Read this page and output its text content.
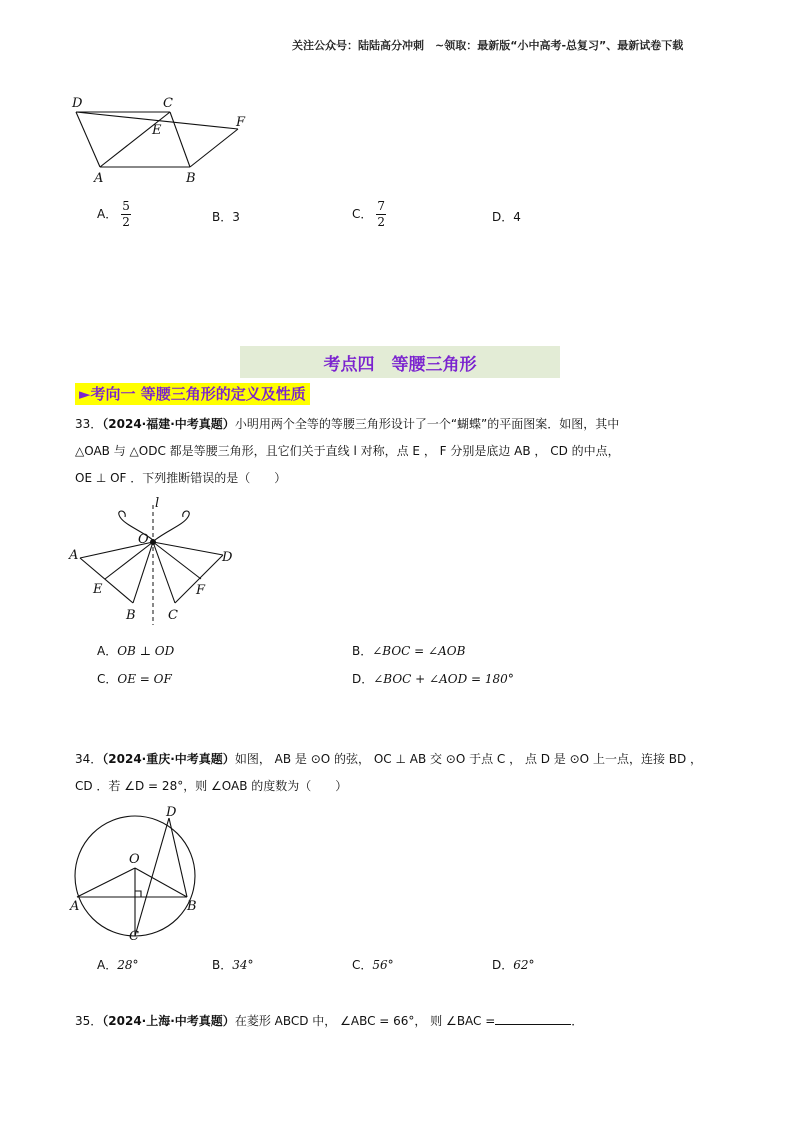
关注公众号：陆陆高分冲刺　~领取：最新版“小中高考-总复习”、最新试卷下载
D	C
E
F
A	B
A． $\frac{5}{2}$	B．3	C． $\frac{7}{2}$	D．4
考点四　等腰三角形
►考向一 等腰三角形的定义及性质
33．（2024·福建·中考真题）小明用两个全等的等腰三角形设计了一个“蝴蝶”的平面图案．如图，其中
△OAB 与 △ODC 都是等腰三角形，且它们关于直线 l 对称，点 E ， F 分别是底边 AB ， CD 的中点，
OE ⊥ OF ．下列推断错误的是（　　）
l
O
A	D
E	F
B C
A．OB ⊥ OD	B．∠BOC = ∠AOB
C．OE = OF	D．∠BOC + ∠AOD = 180°
34．（2024·重庆·中考真题）如图， AB 是 ⊙O 的弦， OC ⊥ AB 交 ⊙O 于点 C ， 点 D 是 ⊙O 上一点，连接 BD ，
CD ．若 ∠D = 28°，则 ∠OAB 的度数为（　　）
O
D
A	B
C
A．28°	B．34°	C．56°	D．62°
35．（2024·上海·中考真题）在菱形 ABCD 中， ∠ABC = 66°， 则 ∠BAC =	．
